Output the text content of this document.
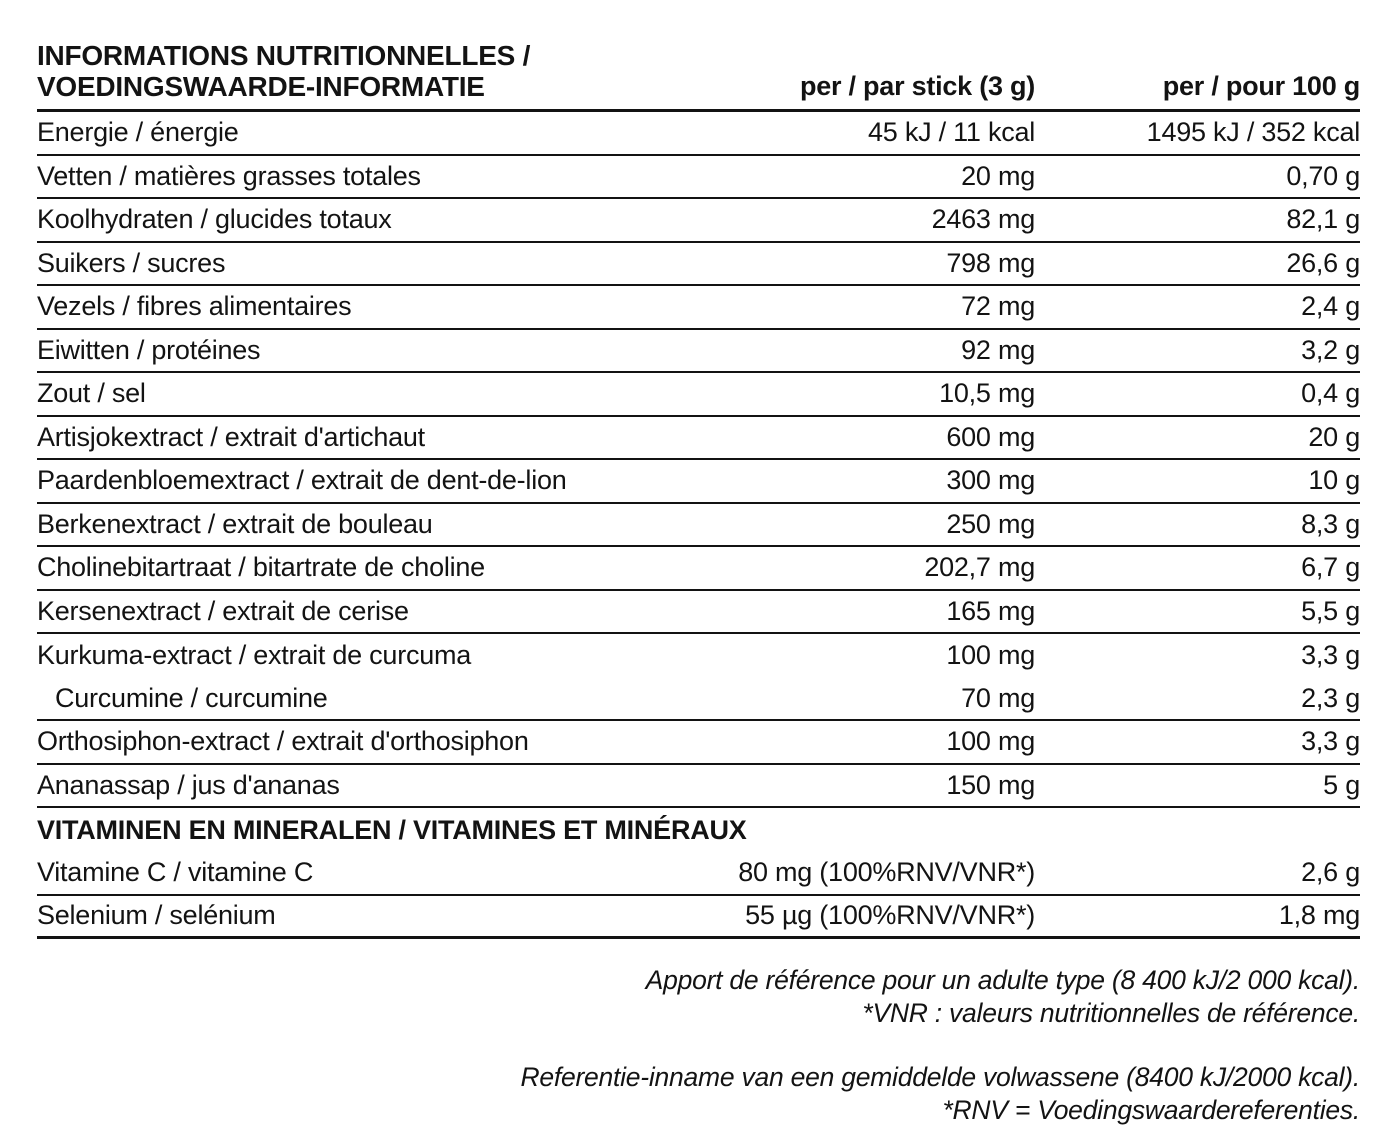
INFORMATIONS NUTRITIONNELLES /
VOEDINGSWAARDE-INFORMATIE	per / par stick (3 g)	per / pour 100 g
Energie / énergie	45 kJ / 11 kcal	1495 kJ / 352 kcal
Vetten / matières grasses totales	20 mg	0,70 g
Koolhydraten / glucides totaux	2463 mg	82,1 g
Suikers / sucres	798 mg	26,6 g
Vezels / fibres alimentaires	72 mg	2,4 g
Eiwitten / protéines	92 mg	3,2 g
Zout / sel	10,5 mg	0,4 g
Artisjokextract / extrait d'artichaut	600 mg	20 g
Paardenbloemextract / extrait de dent-de-lion	300 mg	10 g
Berkenextract / extrait de bouleau	250 mg	8,3 g
Cholinebitartraat / bitartrate de choline	202,7 mg	6,7 g
Kersenextract / extrait de cerise	165 mg	5,5 g
Kurkuma-extract / extrait de curcuma	100 mg	3,3 g
Curcumine / curcumine	70 mg	2,3 g
Orthosiphon-extract / extrait d'orthosiphon	100 mg	3,3 g
Ananassap / jus d'ananas	150 mg	5 g
VITAMINEN EN MINERALEN / VITAMINES ET MINÉRAUX
Vitamine C / vitamine C	80 mg (100%RNV/VNR*)	2,6 g
Selenium / selénium	55 µg (100%RNV/VNR*)	1,8 mg
Apport de référence pour un adulte type (8 400 kJ/2 000 kcal).
*VNR : valeurs nutritionnelles de référence.
Referentie-inname van een gemiddelde volwassene (8400 kJ/2000 kcal).
*RNV = Voedingswaardereferenties.
